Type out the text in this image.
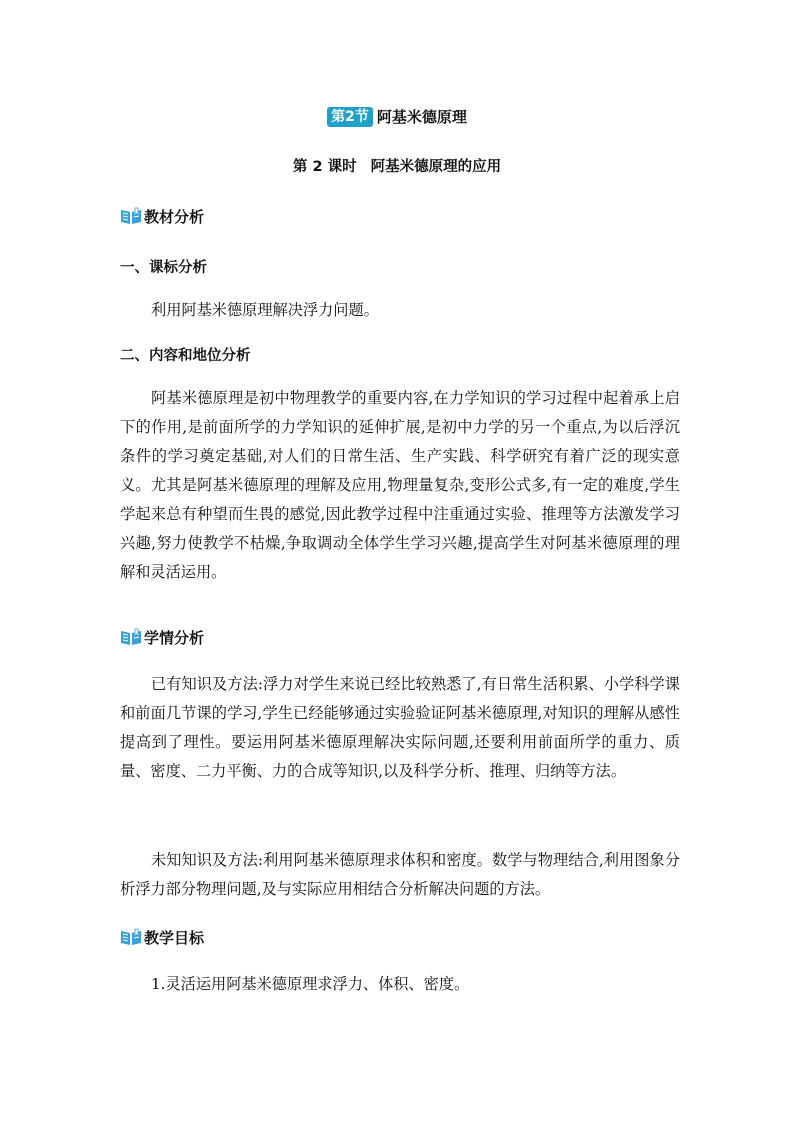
第2节 阿基米德原理
第 2 课时 阿基米德原理的应用
教材分析
一、课标分析
利用阿基米德原理解决浮力问题。
二、内容和地位分析
阿基米德原理是初中物理教学的重要内容,在力学知识的学习过程中起着承上启下的作用,是前面所学的力学知识的延伸扩展,是初中力学的另一个重点,为以后浮沉条件的学习奠定基础,对人们的日常生活、生产实践、科学研究有着广泛的现实意义。尤其是阿基米德原理的理解及应用,物理量复杂,变形公式多,有一定的难度,学生学起来总有种望而生畏的感觉,因此教学过程中注重通过实验、推理等方法激发学习兴趣,努力使教学不枯燥,争取调动全体学生学习兴趣,提高学生对阿基米德原理的理解和灵活运用。
学情分析
已有知识及方法:浮力对学生来说已经比较熟悉了,有日常生活积累、小学科学课和前面几节课的学习,学生已经能够通过实验验证阿基米德原理,对知识的理解从感性提高到了理性。要运用阿基米德原理解决实际问题,还要利用前面所学的重力、质量、密度、二力平衡、力的合成等知识,以及科学分析、推理、归纳等方法。
未知知识及方法:利用阿基米德原理求体积和密度。数学与物理结合,利用图象分析浮力部分物理问题,及与实际应用相结合分析解决问题的方法。
教学目标
1.灵活运用阿基米德原理求浮力、体积、密度。
